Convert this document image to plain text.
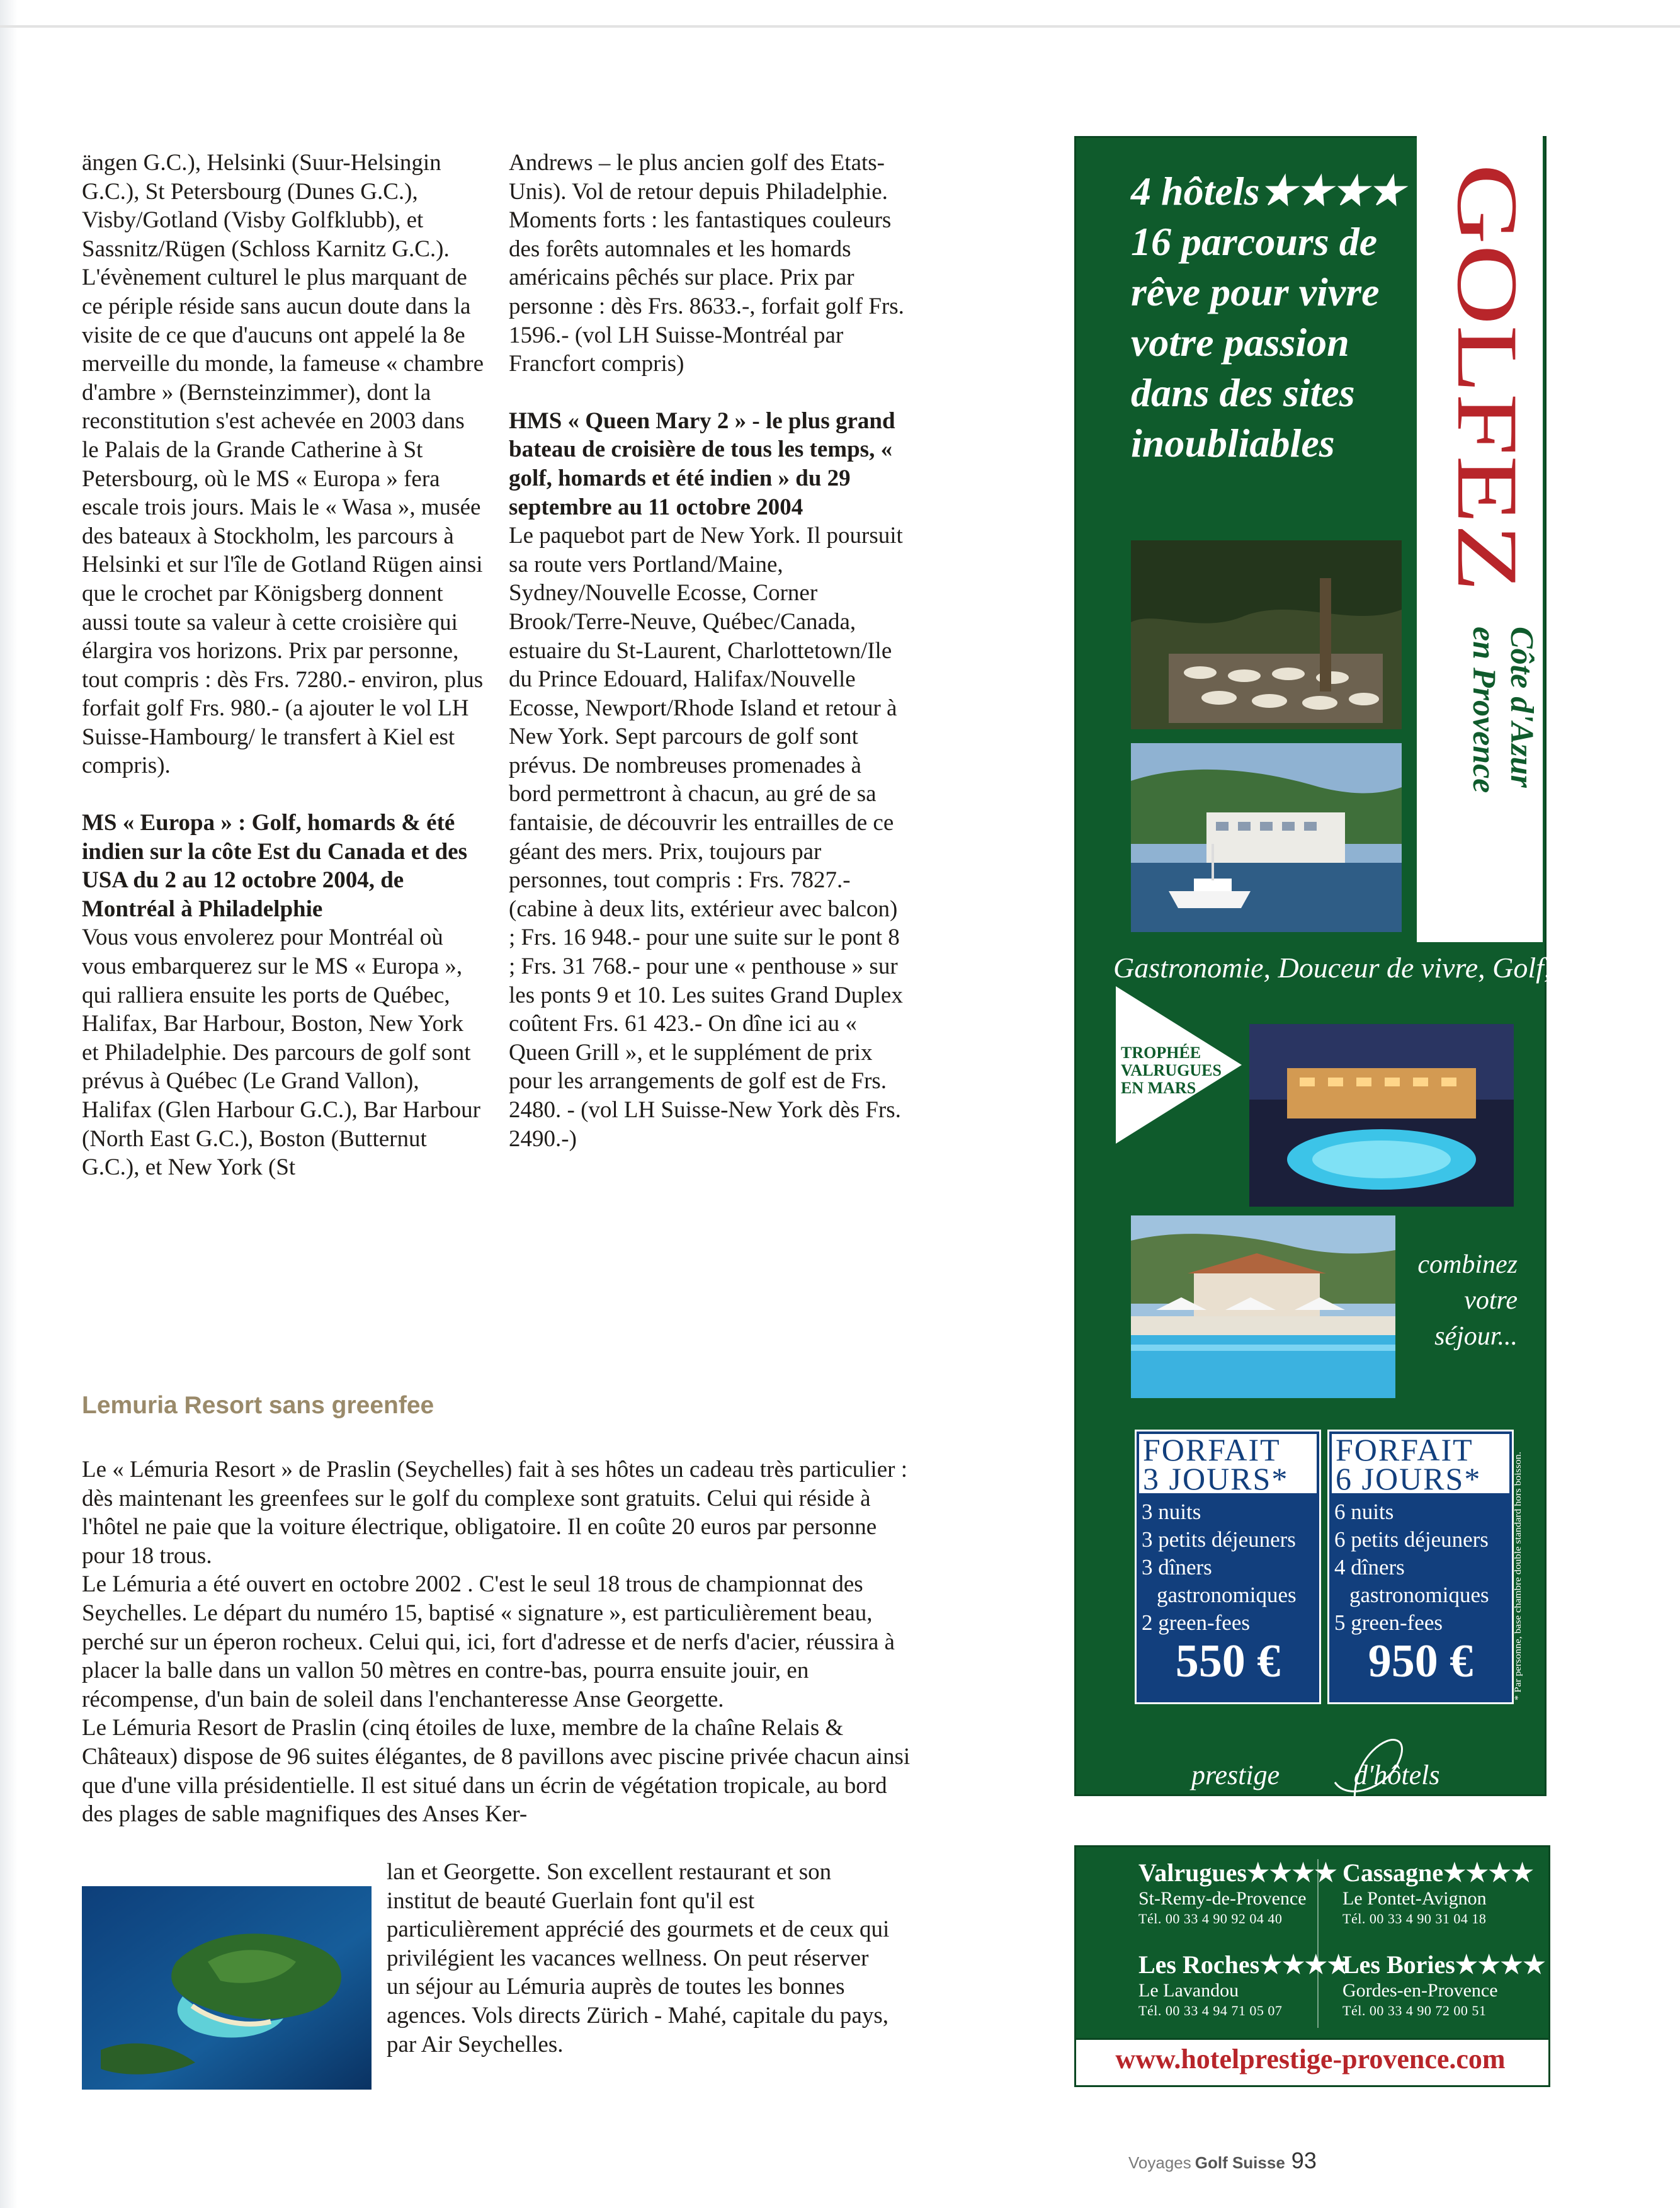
ängen G.C.), Helsinki (Suur-Helsingin G.C.), St Petersbourg (Dunes G.C.), Visby/Gotland (Visby Golfklubb), et Sassnitz/Rügen (Schloss Karnitz G.C.). L'évènement culturel le plus marquant de ce périple réside sans aucun doute dans la visite de ce que d'aucuns ont appelé la 8e merveille du monde, la fameuse « chambre d'ambre » (Bernsteinzimmer), dont la reconstitution s'est achevée en 2003 dans le Palais de la Grande Catherine à St Petersbourg, où le MS « Europa » fera escale trois jours. Mais le « Wasa », musée des bateaux à Stockholm, les parcours à Helsinki et sur l'île de Gotland Rügen ainsi que le crochet par Königsberg donnent aussi toute sa valeur à cette croisière qui élargira vos horizons. Prix par personne, tout compris : dès Frs. 7280.- environ, plus forfait golf Frs. 980.- (a ajouter le vol LH Suisse-Hambourg/ le transfert à Kiel est compris).

MS « Europa » : Golf, homards & été indien sur la côte Est du Canada et des USA du 2 au 12 octobre 2004, de Montréal à Philadelphie

Vous vous envolerez pour Montréal où vous embarquerez sur le MS « Europa », qui ralliera ensuite les ports de Québec, Halifax, Bar Harbour, Boston, New York et Philadelphie. Des parcours de golf sont prévus à Québec (Le Grand Vallon), Halifax (Glen Harbour G.C.), Bar Harbour (North East G.C.), Boston (Butternut G.C.), et New York (St

Andrews – le plus ancien golf des Etats-Unis). Vol de retour depuis Philadelphie. Moments forts : les fantastiques couleurs des forêts automnales et les homards américains pêchés sur place. Prix par personne : dès Frs. 8633.-, forfait golf Frs. 1596.- (vol LH Suisse-Montréal par Francfort compris)

HMS « Queen Mary 2 » - le plus grand bateau de croisière de tous les temps, « golf, homards et été indien » du 29 septembre au 11 octobre 2004

Le paquebot part de New York. Il poursuit sa route vers Portland/Maine, Sydney/Nouvelle Ecosse, Corner Brook/Terre-Neuve, Québec/Canada, estuaire du St-Laurent, Charlottetown/Ile du Prince Edouard, Halifax/Nouvelle Ecosse, Newport/Rhode Island et retour à New York. Sept parcours de golf sont prévus. De nombreuses promenades à bord permettront à chacun, au gré de sa fantaisie, de découvrir les entrailles de ce géant des mers. Prix, toujours par personnes, tout compris : Frs. 7827.- (cabine à deux lits, extérieur avec balcon) ; Frs. 16 948.- pour une suite sur le pont 8 ; Frs. 31 768.- pour une « penthouse » sur les ponts 9 et 10. Les suites Grand Duplex coûtent Frs. 61 423.- On dîne ici au « Queen Grill », et le supplément de prix pour les arrangements de golf est de Frs. 2480. - (vol LH Suisse-New York dès Frs. 2490.-)

Lemuria Resort sans greenfee

Le « Lémuria Resort » de Praslin (Seychelles) fait à ses hôtes un cadeau très particulier : dès maintenant les greenfees sur le golf du complexe sont gratuits. Celui qui réside à l'hôtel ne paie que la voiture électrique, obligatoire. Il en coûte 20 euros par personne pour 18 trous.

Le Lémuria a été ouvert en octobre 2002 . C'est le seul 18 trous de championnat des Seychelles. Le départ du numéro 15, baptisé « signature », est particulièrement beau, perché sur un éperon rocheux. Celui qui, ici, fort d'adresse et de nerfs d'acier, réussira à placer la balle dans un vallon 50 mètres en contre-bas, pourra ensuite jouir, en récompense, d'un bain de soleil dans l'enchanteresse Anse Georgette.

Le Lémuria Resort de Praslin (cinq étoiles de luxe, membre de la chaîne Relais & Châteaux) dispose de 96 suites élégantes, de 8 pavillons avec piscine privée chacun ainsi que d'une villa présidentielle. Il est situé dans un écrin de végétation tropicale, au bord des plages de sable magnifiques des Anses Ker-

lan et Georgette. Son excellent restaurant et son institut de beauté Guerlain font qu'il est particulièrement apprécié des gourmets et de ceux qui privilégient les vacances wellness. On peut réserver un séjour au Lémuria auprès de toutes les bonnes agences. Vols directs Zürich - Mahé, capitale du pays, par Air Seychelles.

4 hôtels★★★★ 16 parcours de rêve pour vivre votre passion dans des sites inoubliables	GOLFEZ
en Provence Côte d'Azur
Gastronomie, Douceur de vivre, Golf,
TROPHÉE VALRUGUES EN MARS
combinez votre séjour...
FORFAIT
3 JOURS*
3 nuits
3 petits déjeuners
3 dîners
gastronomiques
2 green-fees
550 €
FORFAIT
6 JOURS*
6 nuits
6 petits déjeuners
4 dîners
gastronomiques
5 green-fees
950 €	* Par personne, base chambre double standard hors boisson.
prestige	d'hôtels
Valrugues★★★★
St-Remy-de-Provence
Tél. 00 33 4 90 92 04 40
Cassagne★★★★
Le Pontet-Avignon
Tél. 00 33 4 90 31 04 18
Les Roches★★★★
Le Lavandou
Tél. 00 33 4 94 71 05 07
Les Bories★★★★
Gordes-en-Provence
Tél. 00 33 4 90 72 00 51
www.hotelprestige-provence.com
Voyages Golf Suisse 93
